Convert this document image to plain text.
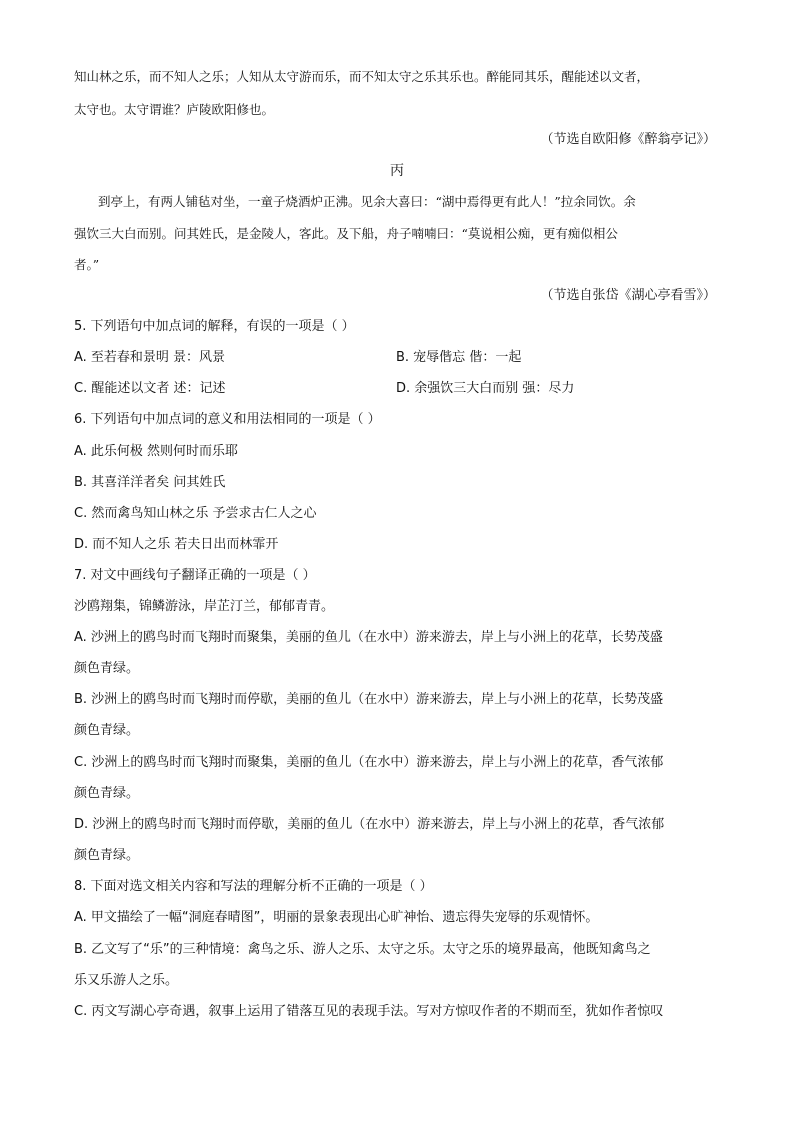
知山林之乐，而不知人之乐；人知从太守游而乐，而不知太守之乐其乐也。醉能同其乐，醒能述以文者，
太守也。太守谓谁？庐陵欧阳修也。
（节选自欧阳修《醉翁亭记》）
丙
到亭上，有两人铺毡对坐，一童子烧酒炉正沸。见余大喜曰：“湖中焉得更有此人！”拉余同饮。余
强饮三大白而别。问其姓氏，是金陵人，客此。及下船，舟子喃喃曰：“莫说相公痴，更有痴似相公
者。”
（节选自张岱《湖心亭看雪》）
5. 下列语句中加点词的解释，有误的一项是（ ）
A. 至若春和景明 景：风景	B. 宠辱偕忘 偕：一起
C. 醒能述以文者 述：记述	D. 余强饮三大白而别 强：尽力
6. 下列语句中加点词的意义和用法相同的一项是（ ）
A. 此乐何极 然则何时而乐耶
B. 其喜洋洋者矣 问其姓氏
C. 然而禽鸟知山林之乐 予尝求古仁人之心
D. 而不知人之乐 若夫日出而林霏开
7. 对文中画线句子翻译正确的一项是（ ）
沙鸥翔集，锦鳞游泳，岸芷汀兰，郁郁青青。
A. 沙洲上的鸥鸟时而飞翔时而聚集，美丽的鱼儿（在水中）游来游去，岸上与小洲上的花草，长势茂盛
颜色青绿。
B. 沙洲上的鸥鸟时而飞翔时而停歇，美丽的鱼儿（在水中）游来游去，岸上与小洲上的花草，长势茂盛
颜色青绿。
C. 沙洲上的鸥鸟时而飞翔时而聚集，美丽的鱼儿（在水中）游来游去，岸上与小洲上的花草，香气浓郁
颜色青绿。
D. 沙洲上的鸥鸟时而飞翔时而停歇，美丽的鱼儿（在水中）游来游去，岸上与小洲上的花草，香气浓郁
颜色青绿。
8. 下面对选文相关内容和写法的理解分析不正确的一项是（ ）
A. 甲文描绘了一幅“洞庭春晴图”，明丽的景象表现出心旷神怡、遗忘得失宠辱的乐观情怀。
B. 乙文写了“乐”的三种情境：禽鸟之乐、游人之乐、太守之乐。太守之乐的境界最高，他既知禽鸟之
乐又乐游人之乐。
C. 丙文写湖心亭奇遇，叙事上运用了错落互见的表现手法。写对方惊叹作者的不期而至，犹如作者惊叹
